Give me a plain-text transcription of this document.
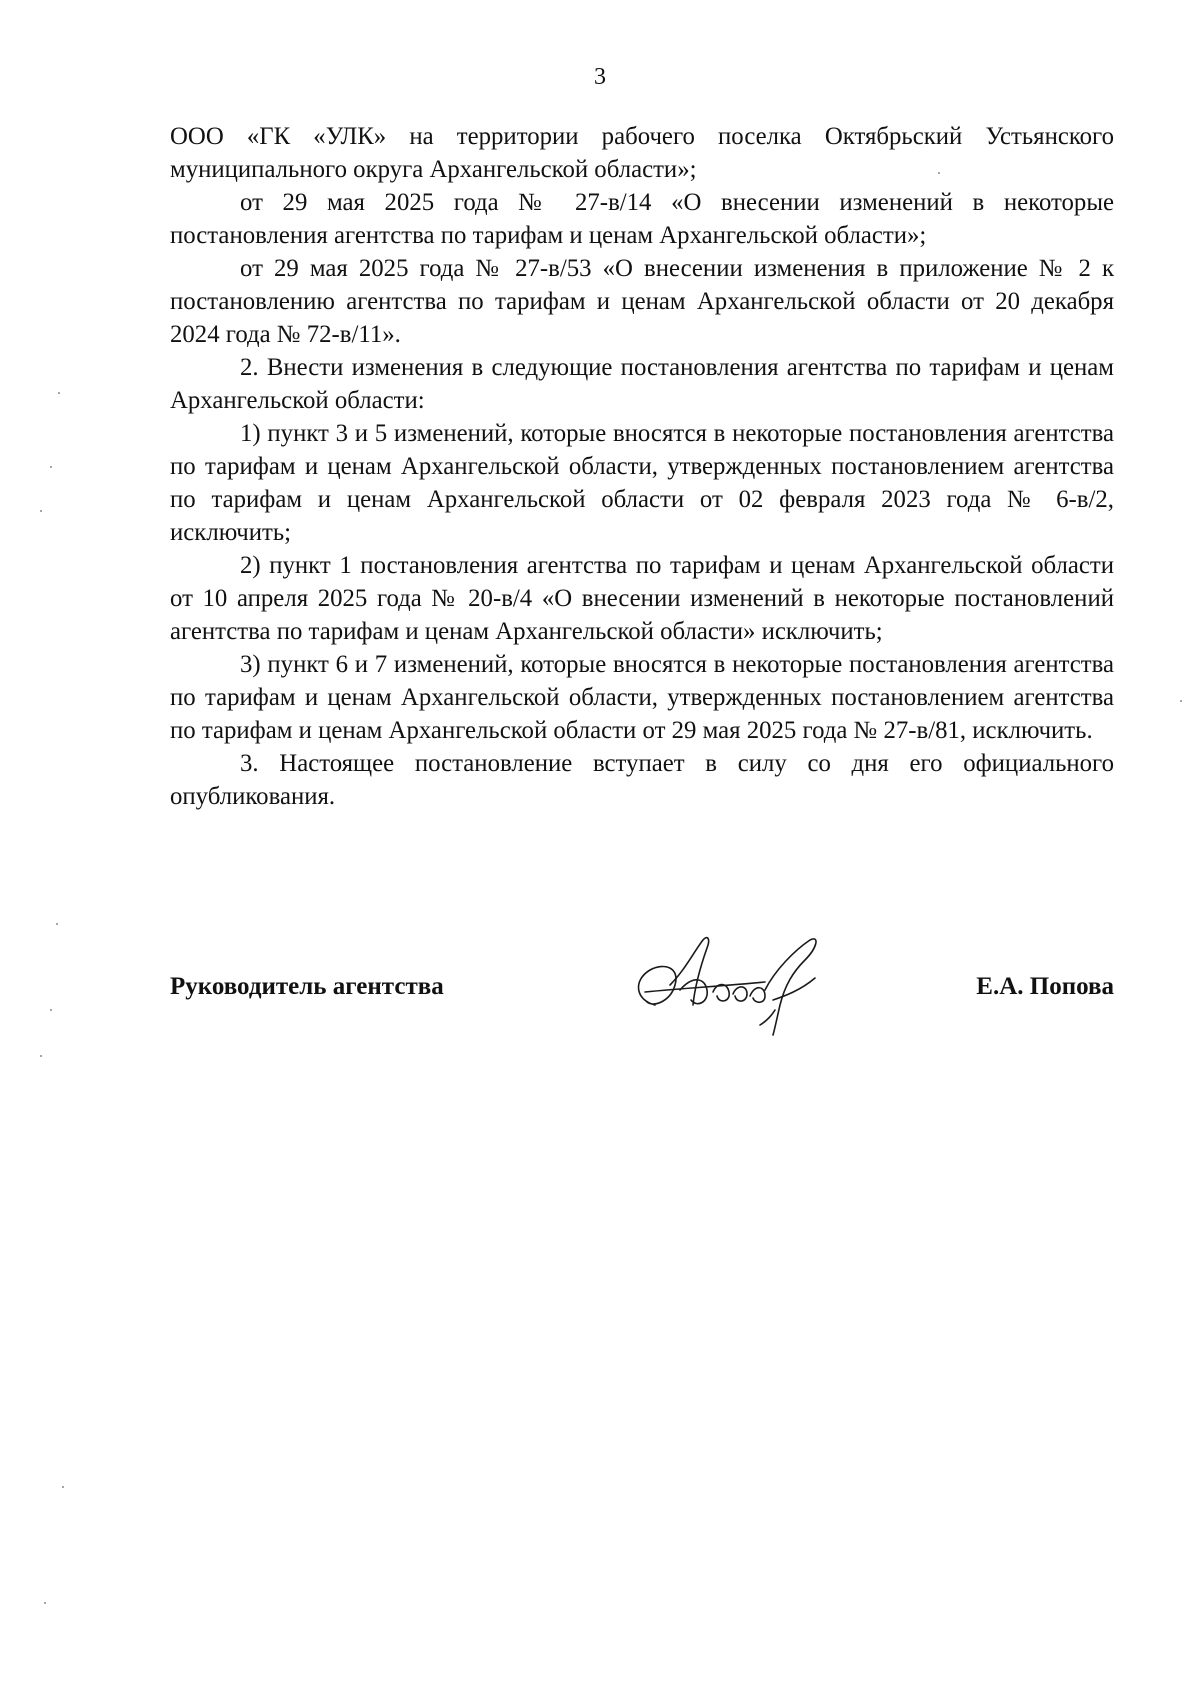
3

ООО «ГК «УЛК» на территории рабочего поселка Октябрьский Устьянского муниципального округа Архангельской области»;

от 29 мая 2025 года № 27-в/14 «О внесении изменений в некоторые постановления агентства по тарифам и ценам Архангельской области»;

от 29 мая 2025 года № 27-в/53 «О внесении изменения в приложение № 2 к постановлению агентства по тарифам и ценам Архангельской области от 20 декабря 2024 года № 72-в/11».

2. Внести изменения в следующие постановления агентства по тарифам и ценам Архангельской области:

1) пункт 3 и 5 изменений, которые вносятся в некоторые постановления агентства по тарифам и ценам Архангельской области, утвержденных постановлением агентства по тарифам и ценам Архангельской области от 02 февраля 2023 года № 6-в/2, исключить;

2) пункт 1 постановления агентства по тарифам и ценам Архангельской области от 10 апреля 2025 года № 20-в/4 «О внесении изменений в некоторые постановлений агентства по тарифам и ценам Архангельской области» исключить;

3) пункт 6 и 7 изменений, которые вносятся в некоторые постановления агентства по тарифам и ценам Архангельской области, утвержденных постановлением агентства по тарифам и ценам Архангельской области от 29 мая 2025 года № 27-в/81, исключить.

3. Настоящее постановление вступает в силу со дня его официального опубликования.

Руководитель агентства	Е.А. Попова
